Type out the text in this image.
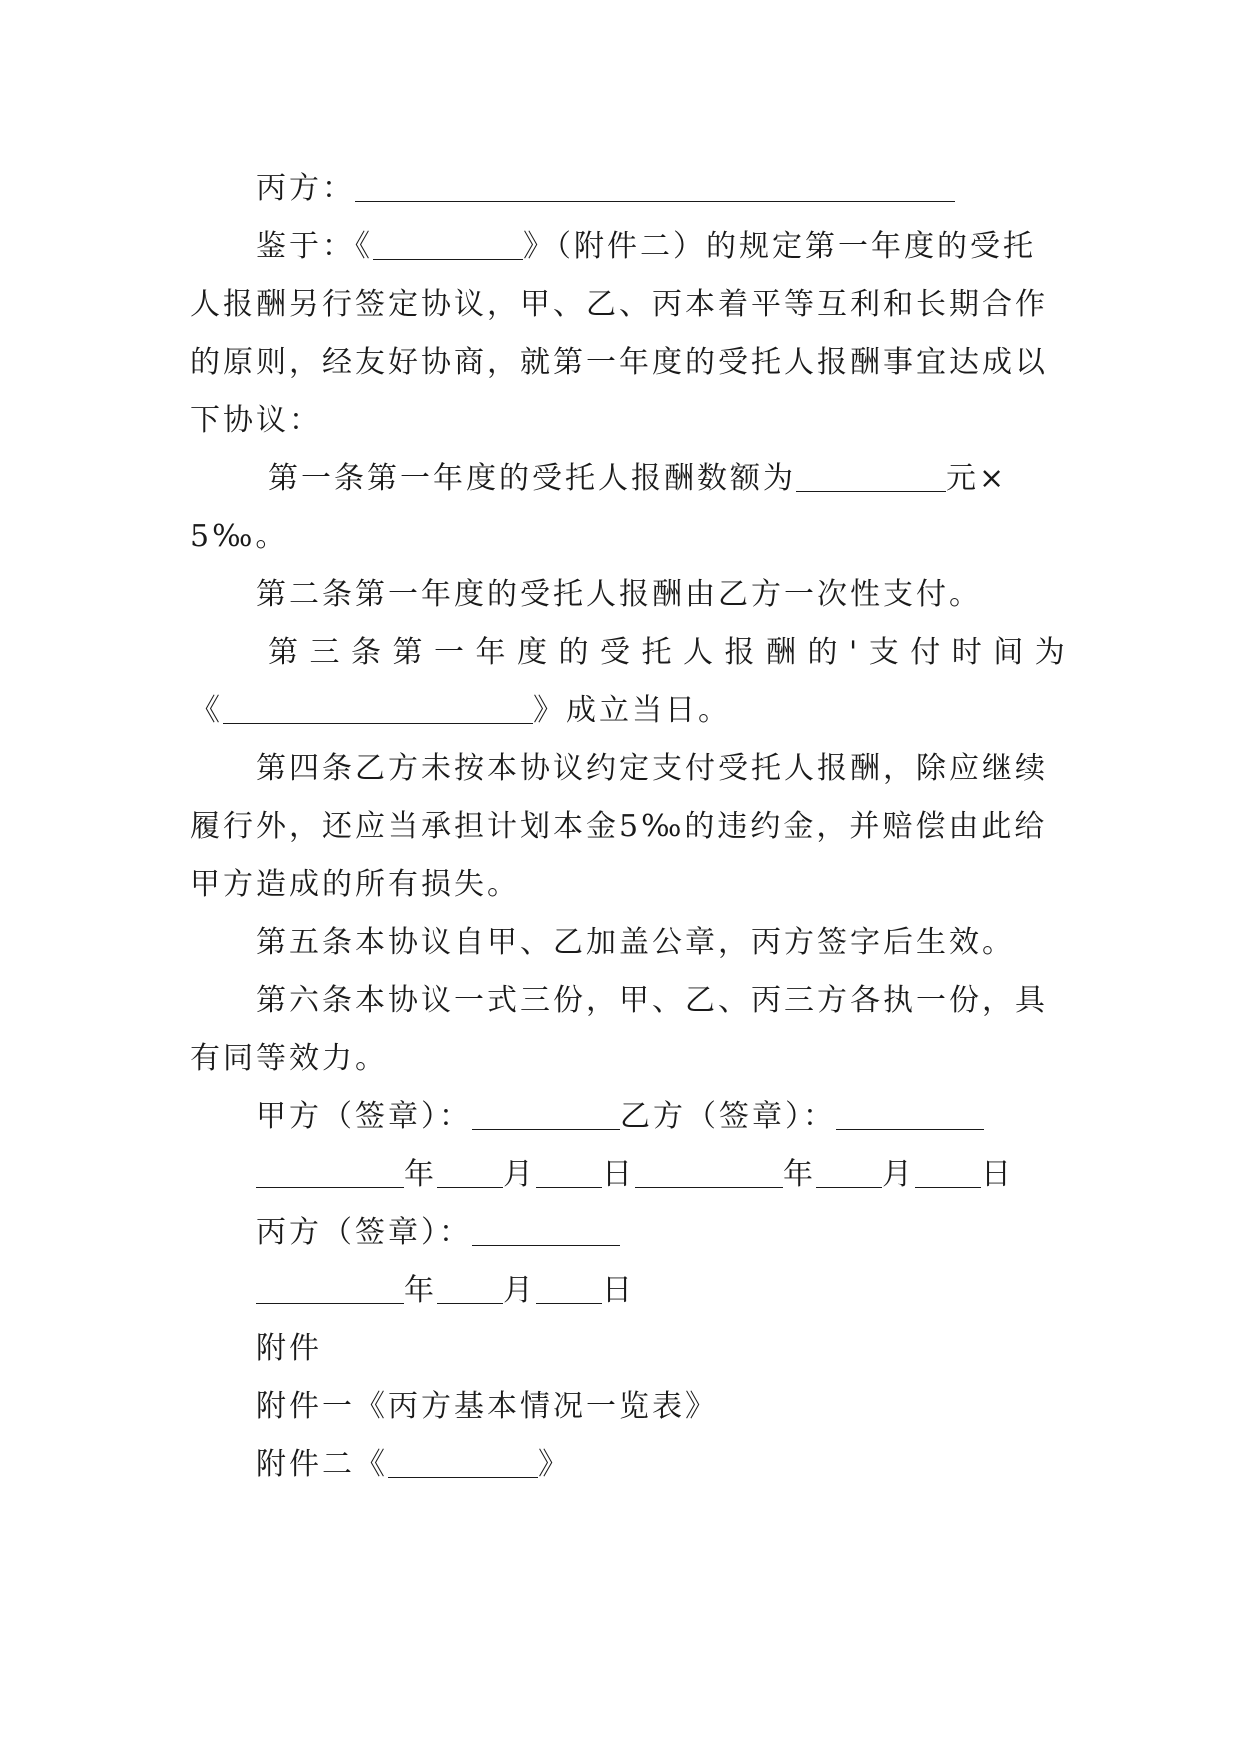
丙方：
鉴于：《	》（附件二）的规定第一年度的受托
人报酬另行签定协议，甲、乙、丙本着平等互利和长期合作
的原则，经友好协商，就第一年度的受托人报酬事宜达成以
下协议：
第一条第一年度的受托人报酬数额为	元×
5‰。
第二条第一年度的受托人报酬由乙方一次性支付。
第三条第一年度的受托人报酬的'支付时间为
《	》成立当日。
第四条乙方未按本协议约定支付受托人报酬，除应继续
履行外，还应当承担计划本金5‰的违约金，并赔偿由此给
甲方造成的所有损失。
第五条本协议自甲、乙加盖公章，丙方签字后生效。
第六条本协议一式三份，甲、乙、丙三方各执一份，具
有同等效力。
甲方（签章）：	乙方（签章）：
年 月 日	年 月 日
丙方（签章）：
年 月 日
附件
附件一《丙方基本情况一览表》
附件二《	》
